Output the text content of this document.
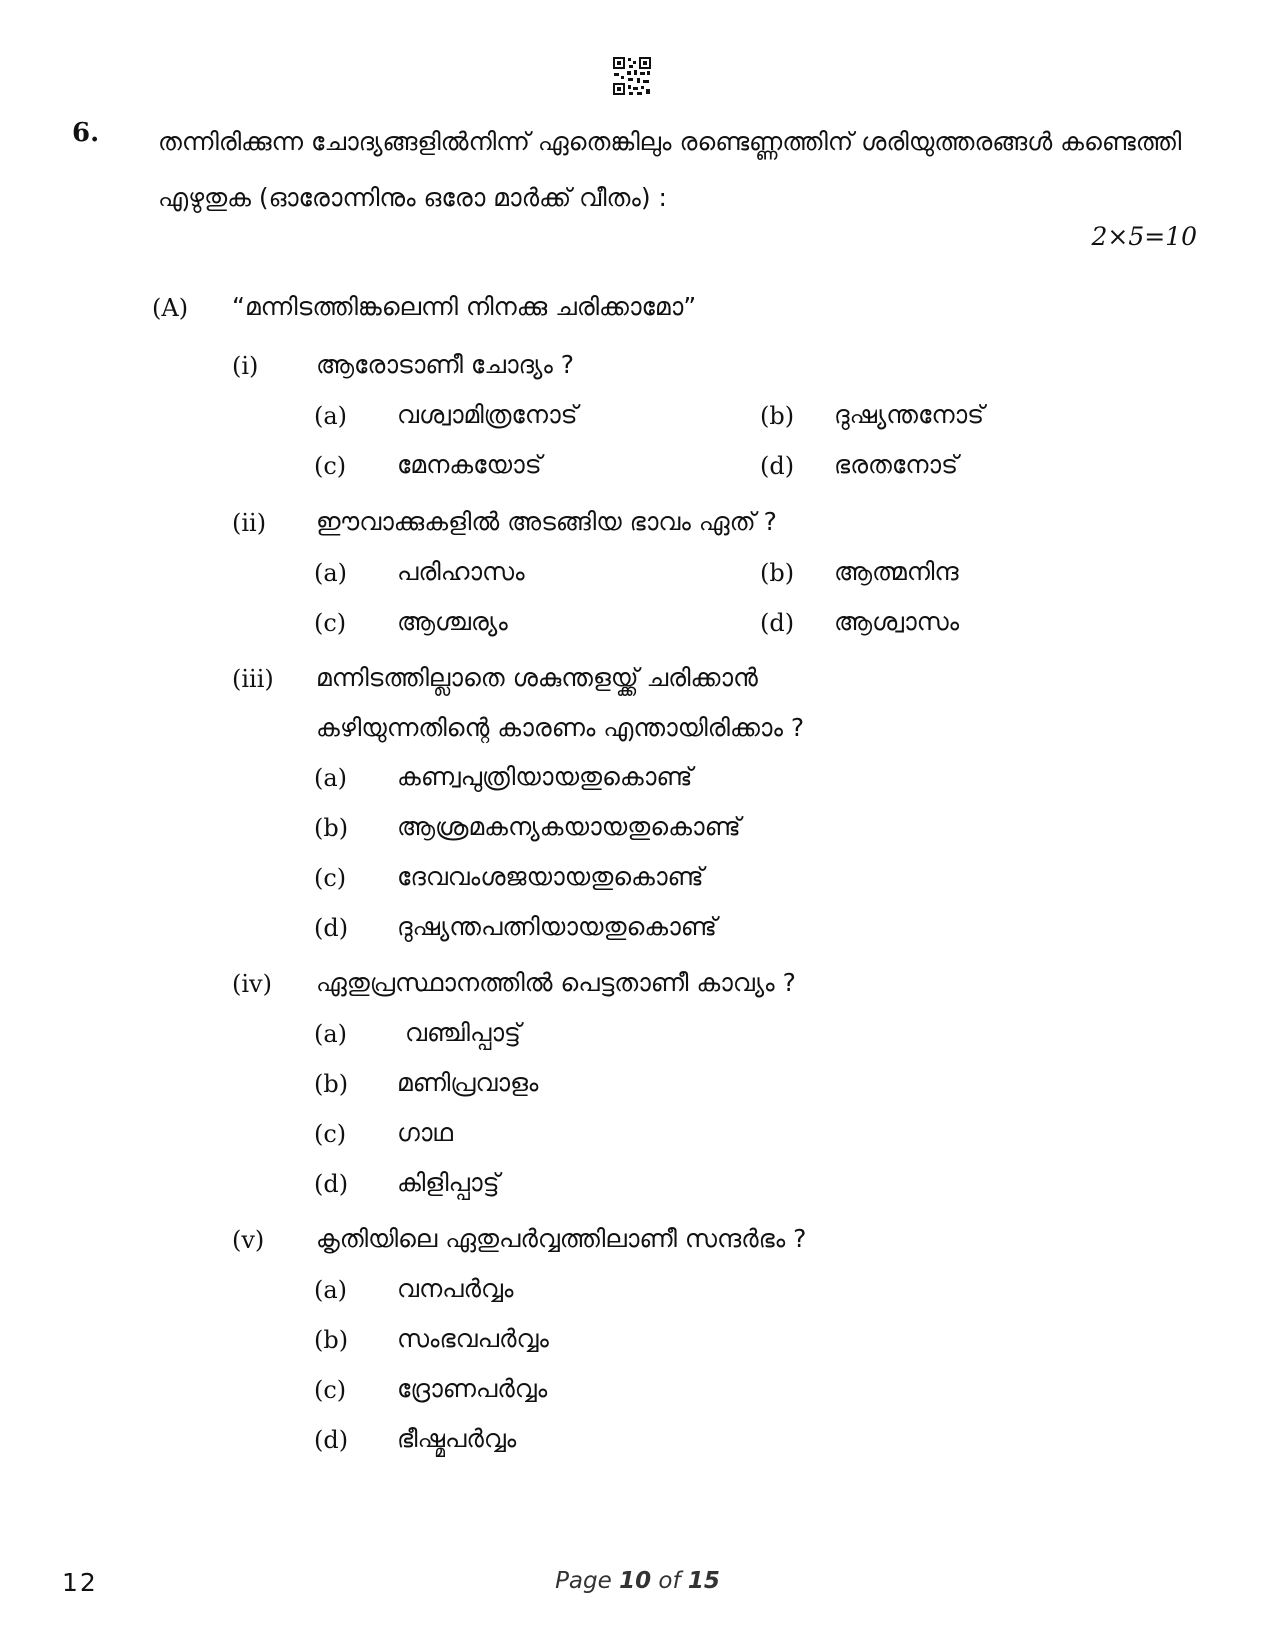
6. തന്നിരിക്കുന്ന ചോദ്യങ്ങളിൽനിന്ന് ഏതെങ്കിലും രണ്ടെണ്ണത്തിന് ശരിയുത്തരങ്ങൾ കണ്ടെത്തി എഴുതുക (ഓരോന്നിനും ഒരോ മാർക്ക് വീതം) :
2×5=10
(A) “മന്നിടത്തിങ്കലെന്നി നിനക്കു ചരിക്കാമോ”
(i) ആരോടാണീ ചോദ്യം ?
(a) വശ്വാമിത്രനോട്	(b) ദുഷ്യന്തനോട്
(c) മേനകയോട്	(d) ഭരതനോട്
(ii) ഈവാക്കുകളിൽ അടങ്ങിയ ഭാവം ഏത് ?
(a) പരിഹാസം	(b) ആത്മനിന്ദ
(c) ആശ്ചര്യം	(d) ആശ്വാസം
(iii) മന്നിടത്തില്ലാതെ ശകുന്തളയ്ക്ക് ചരിക്കാൻ
കഴിയുന്നതിന്റെ കാരണം എന്തായിരിക്കാം ?
(a) കണ്വപുത്രിയായതുകൊണ്ട്
(b) ആശ്രമകന്യകയായതുകൊണ്ട്
(c) ദേവവംശജയായതുകൊണ്ട്
(d) ദുഷ്യന്തപത്നിയായതുകൊണ്ട്
(iv) ഏതുപ്രസ്ഥാനത്തിൽ പെട്ടതാണീ കാവ്യം ?
(a) വഞ്ചിപ്പാട്ട്
(b) മണിപ്രവാളം
(c) ഗാഥ
(d) കിളിപ്പാട്ട്
(v) കൃതിയിലെ ഏതുപർവ്വത്തിലാണീ സന്ദർഭം ?
(a) വനപർവ്വം
(b) സംഭവപർവ്വം
(c) ദ്രോണപർവ്വം
(d) ഭീഷ്മപർവ്വം
12	Page 10 of 15
